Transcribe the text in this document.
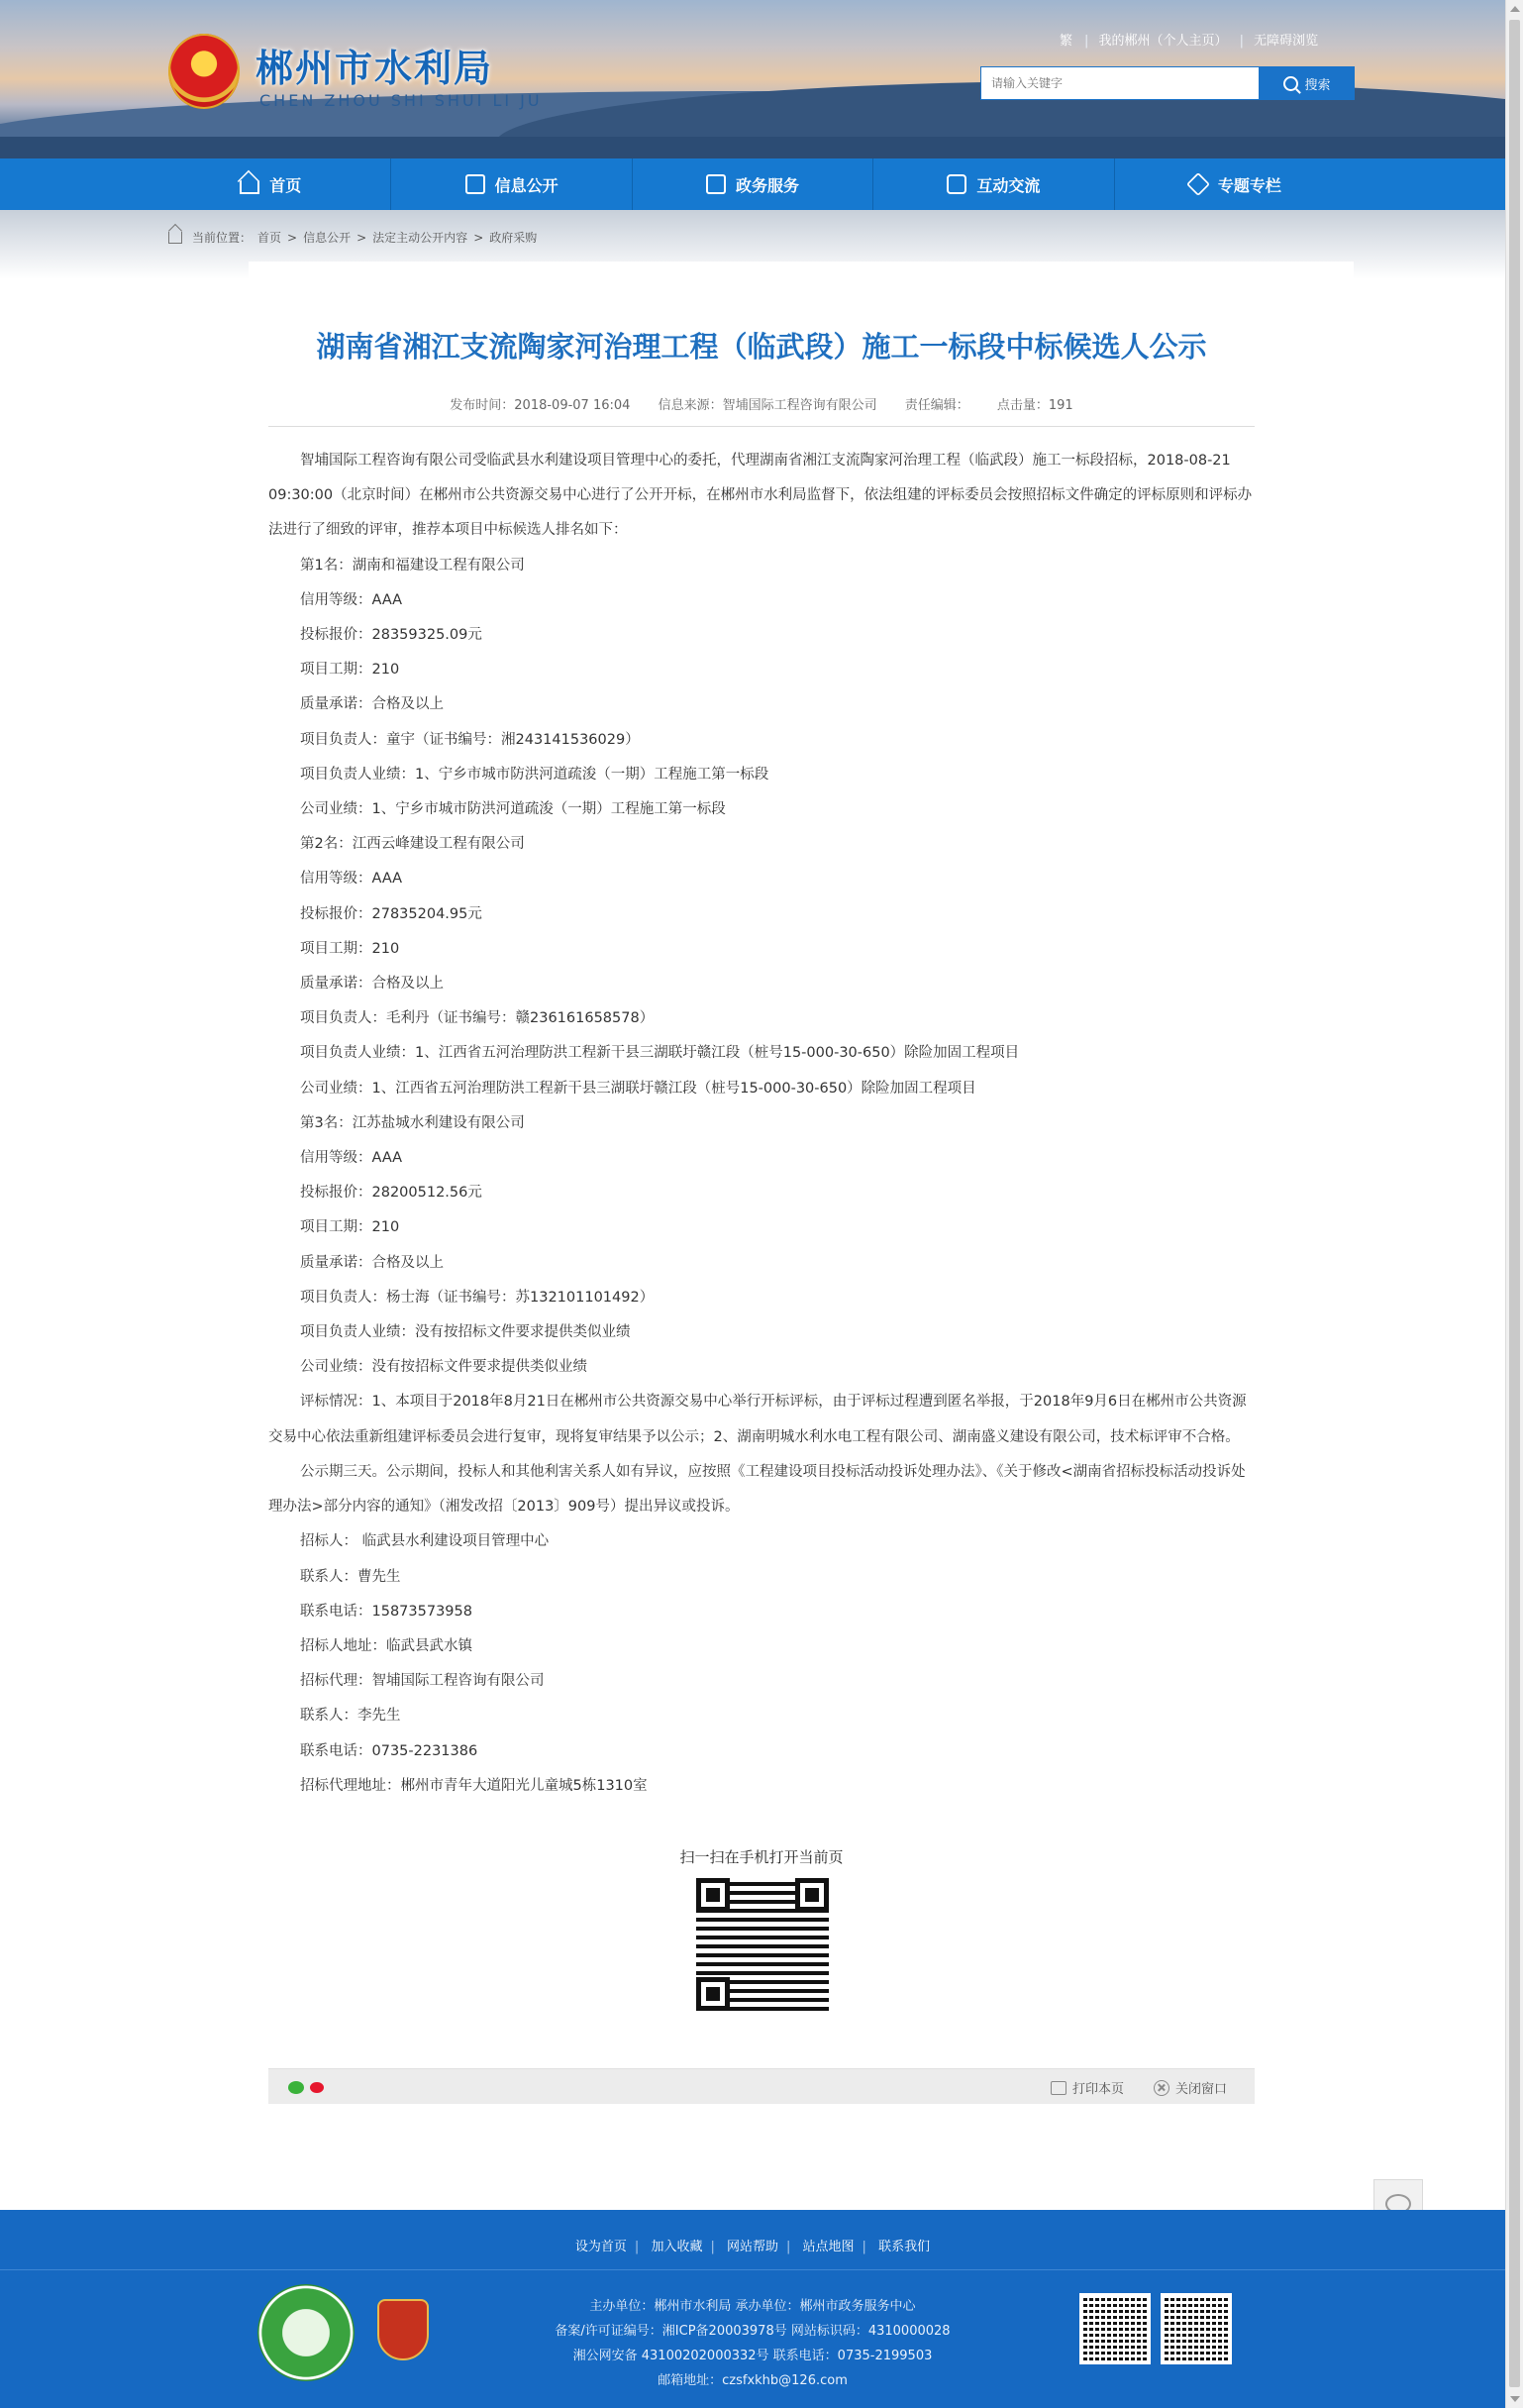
郴州市水利局
CHEN ZHOU SHI SHUI LI JU
繁 | 我的郴州（个人主页） | 无障碍浏览
请输入关键字
搜索
首页	信息公开	政务服务	互动交流	专题专栏
当前位置： 首页 > 信息公开 > 法定主动公开内容 > 政府采购
湖南省湘江支流陶家河治理工程（临武段）施工一标段中标候选人公示
发布时间：2018-09-07 16:04 信息来源：智埔国际工程咨询有限公司 责任编辑： 点击量：191

智埔国际工程咨询有限公司受临武县水利建设项目管理中心的委托，代理湖南省湘江支流陶家河治理工程（临武段）施工一标段招标，2018-08-21 09:30:00（北京时间）在郴州市公共资源交易中心进行了公开开标，在郴州市水利局监督下，依法组建的评标委员会按照招标文件确定的评标原则和评标办法进行了细致的评审，推荐本项目中标候选人排名如下：

第1名：湖南和福建设工程有限公司

信用等级：AAA

投标报价：28359325.09元

项目工期：210

质量承诺：合格及以上

项目负责人：童宇（证书编号：湘243141536029）

项目负责人业绩：1、宁乡市城市防洪河道疏浚（一期）工程施工第一标段

公司业绩：1、宁乡市城市防洪河道疏浚（一期）工程施工第一标段

第2名：江西云峰建设工程有限公司

信用等级：AAA

投标报价：27835204.95元

项目工期：210

质量承诺：合格及以上

项目负责人：毛利丹（证书编号：赣236161658578）

项目负责人业绩：1、江西省五河治理防洪工程新干县三湖联圩赣江段（桩号15-000-30-650）除险加固工程项目

公司业绩：1、江西省五河治理防洪工程新干县三湖联圩赣江段（桩号15-000-30-650）除险加固工程项目

第3名：江苏盐城水利建设有限公司

信用等级：AAA

投标报价：28200512.56元

项目工期：210

质量承诺：合格及以上

项目负责人：杨士海（证书编号：苏132101101492）

项目负责人业绩：没有按招标文件要求提供类似业绩

公司业绩：没有按招标文件要求提供类似业绩

评标情况：1、本项目于2018年8月21日在郴州市公共资源交易中心举行开标评标，由于评标过程遭到匿名举报，于2018年9月6日在郴州市公共资源交易中心依法重新组建评标委员会进行复审，现将复审结果予以公示；2、湖南明城水利水电工程有限公司、湖南盛义建设有限公司，技术标评审不合格。

公示期三天。公示期间，投标人和其他利害关系人如有异议，应按照《工程建设项目投标活动投诉处理办法》、《关于修改<湖南省招标投标活动投诉处理办法>部分内容的通知》（湘发改招〔2013〕909号）提出异议或投诉。

招标人： 临武县水利建设项目管理中心

联系人：曹先生

联系电话：15873573958

招标人地址：临武县武水镇

招标代理：智埔国际工程咨询有限公司

联系人：李先生

联系电话：0735-2231386

招标代理地址：郴州市青年大道阳光儿童城5栋1310室

扫一扫在手机打开当前页
打印本页	关闭窗口
设为首页 | 加入收藏 | 网站帮助 | 站点地图 | 联系我们
主办单位：郴州市水利局 承办单位：郴州市政务服务中心
备案/许可证编号：湘ICP备20003978号 网站标识码：4310000028
湘公网安备 43100202000332号 联系电话：0735-2199503
邮箱地址：czsfxkhb@126.com
